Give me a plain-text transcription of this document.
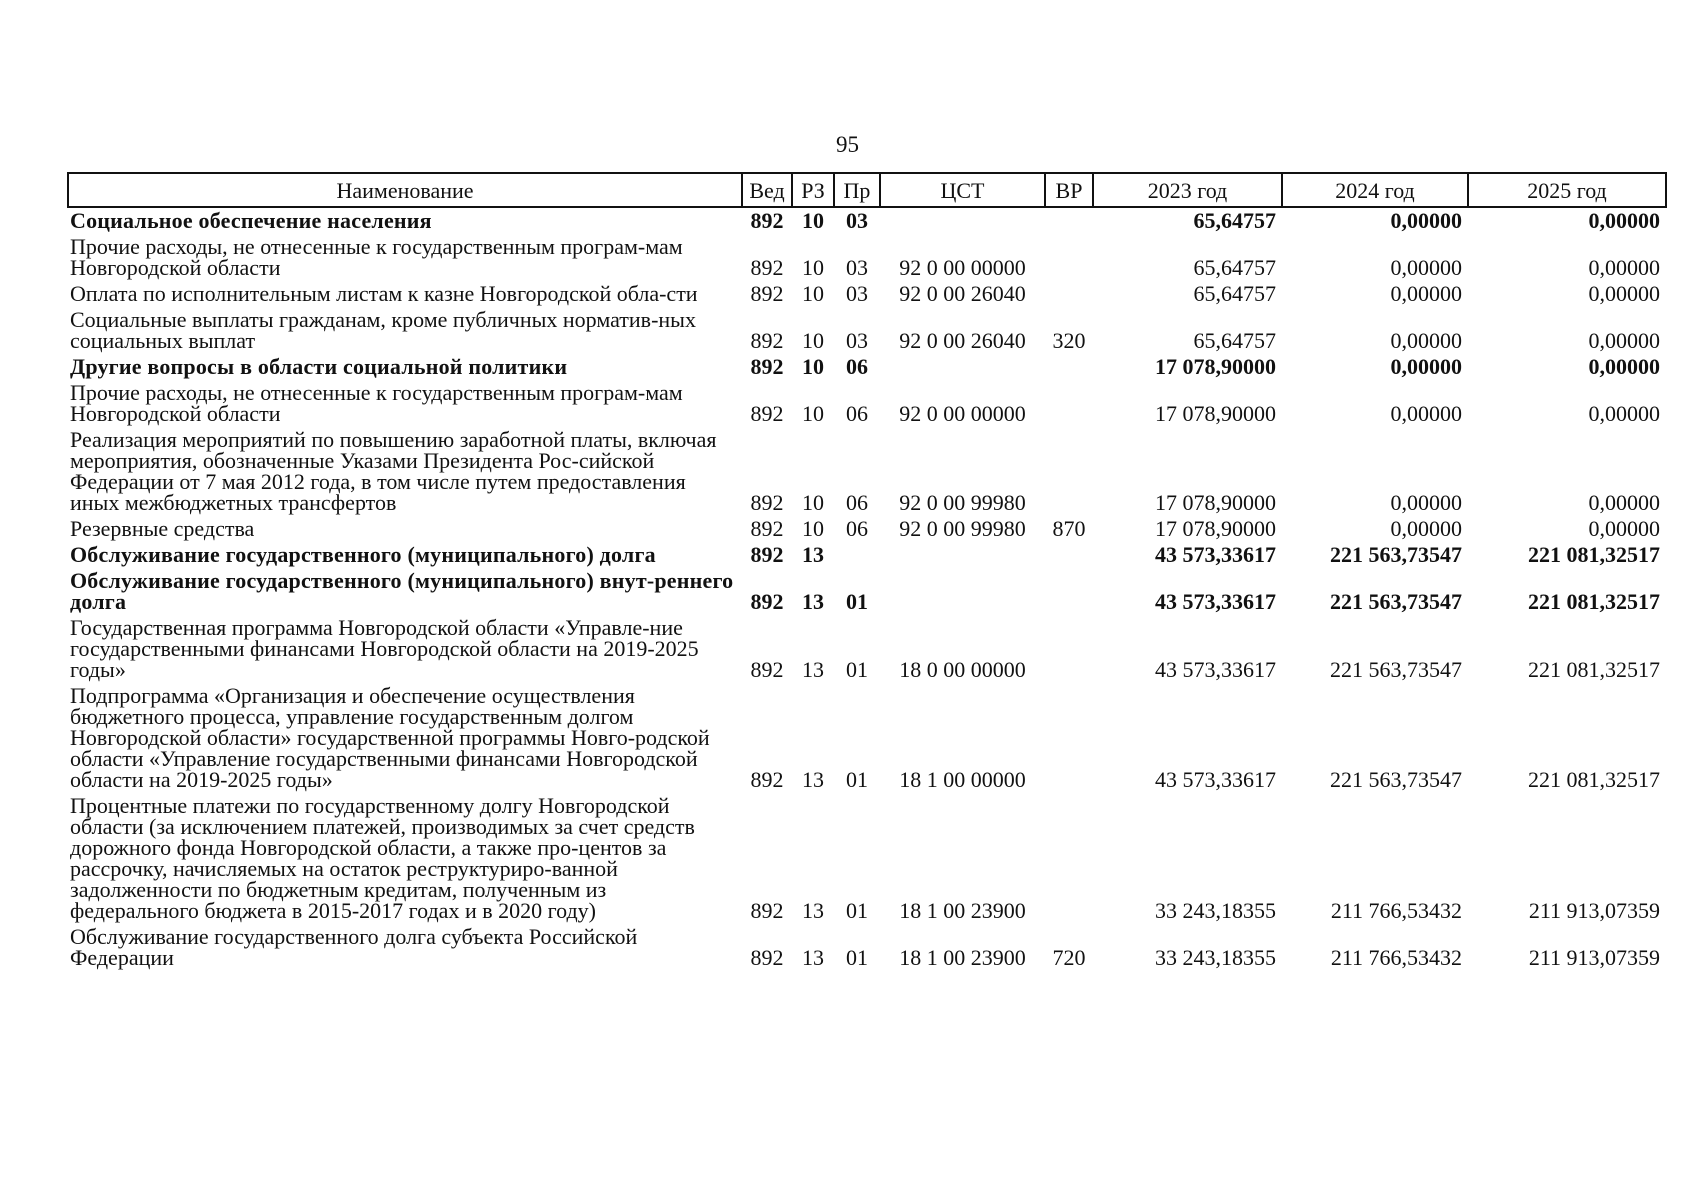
95
Наименование	Вед	РЗ	Пр	ЦСТ	ВР	2023 год	2024 год	2025 год
Социальное обеспечение населения	892	10	03			65,64757	0,00000	0,00000
Прочие расходы, не отнесенные к государственным програм-мам Новгородской области	892	10	03	92 0 00 00000		65,64757	0,00000	0,00000
Оплата по исполнительным листам к казне Новгородской обла-сти	892	10	03	92 0 00 26040		65,64757	0,00000	0,00000
Социальные выплаты гражданам, кроме публичных норматив-ных социальных выплат	892	10	03	92 0 00 26040	320	65,64757	0,00000	0,00000
Другие вопросы в области социальной политики	892	10	06			17 078,90000	0,00000	0,00000
Прочие расходы, не отнесенные к государственным програм-мам Новгородской области	892	10	06	92 0 00 00000		17 078,90000	0,00000	0,00000
Реализация мероприятий по повышению заработной платы, включая мероприятия, обозначенные Указами Президента Рос-сийской Федерации от 7 мая 2012 года, в том числе путем предоставления иных межбюджетных трансфертов	892	10	06	92 0 00 99980		17 078,90000	0,00000	0,00000
Резервные средства	892	10	06	92 0 00 99980	870	17 078,90000	0,00000	0,00000
Обслуживание государственного (муниципального) долга	892	13				43 573,33617	221 563,73547	221 081,32517
Обслуживание государственного (муниципального) внут-реннего долга	892	13	01			43 573,33617	221 563,73547	221 081,32517
Государственная программа Новгородской области «Управле-ние государственными финансами Новгородской области на 2019-2025 годы»	892	13	01	18 0 00 00000		43 573,33617	221 563,73547	221 081,32517
Подпрограмма «Организация и обеспечение осуществления бюджетного процесса, управление государственным долгом Новгородской области» государственной программы Новго-родской области «Управление государственными финансами Новгородской области на 2019-2025 годы»	892	13	01	18 1 00 00000		43 573,33617	221 563,73547	221 081,32517
Процентные платежи по государственному долгу Новгородской области (за исключением платежей, производимых за счет средств дорожного фонда Новгородской области, а также про-центов за рассрочку, начисляемых на остаток реструктуриро-ванной задолженности по бюджетным кредитам, полученным из федерального бюджета в 2015-2017 годах и в 2020 году)	892	13	01	18 1 00 23900		33 243,18355	211 766,53432	211 913,07359
Обслуживание государственного долга субъекта Российской Федерации	892	13	01	18 1 00 23900	720	33 243,18355	211 766,53432	211 913,07359
